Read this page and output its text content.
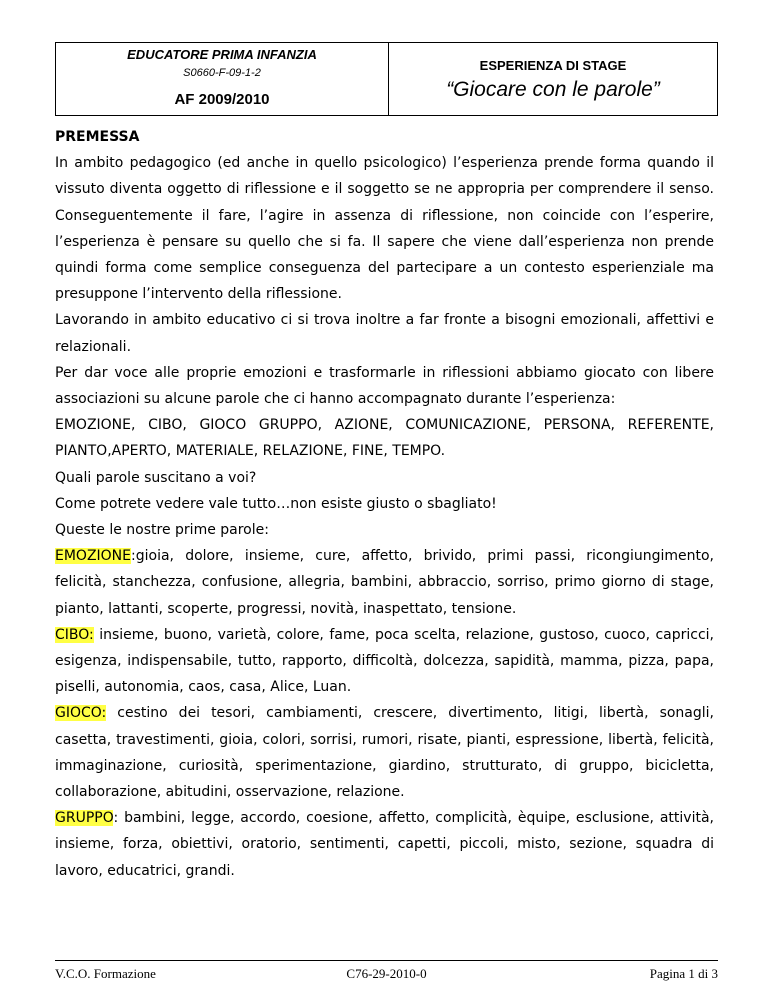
EDUCATORE PRIMA INFANZIA
S0660-F-09-1-2
AF 2009/2010
ESPERIENZA DI STAGE
“Giocare con le parole”

PREMESSA

In ambito pedagogico (ed anche in quello psicologico) l’esperienza prende forma quando il vissuto diventa oggetto di riflessione e il soggetto se ne appropria per comprendere il senso. Conseguentemente il fare, l’agire in assenza di riflessione, non coincide con l’esperire, l’esperienza è pensare su quello che si fa. Il sapere che viene dall’esperienza non prende quindi forma come semplice conseguenza del partecipare a un contesto esperienziale ma presuppone l’intervento della riflessione.

Lavorando in ambito educativo ci si trova inoltre a far fronte a bisogni emozionali, affettivi e relazionali.

Per dar voce alle proprie emozioni e trasformarle in riflessioni abbiamo giocato con libere associazioni su alcune parole che ci hanno accompagnato durante l’esperienza:

EMOZIONE, CIBO, GIOCO GRUPPO, AZIONE, COMUNICAZIONE, PERSONA, REFERENTE, PIANTO,APERTO, MATERIALE, RELAZIONE, FINE, TEMPO.

Quali parole suscitano a voi?

Come potrete vedere vale tutto…non esiste giusto o sbagliato!

Queste le nostre prime parole:

EMOZIONE:gioia, dolore, insieme, cure, affetto, brivido, primi passi, ricongiungimento, felicità, stanchezza, confusione, allegria, bambini, abbraccio, sorriso, primo giorno di stage, pianto, lattanti, scoperte, progressi, novità, inaspettato, tensione.

CIBO: insieme, buono, varietà, colore, fame, poca scelta, relazione, gustoso, cuoco, capricci, esigenza, indispensabile, tutto, rapporto, difficoltà, dolcezza, sapidità, mamma, pizza, papa, piselli, autonomia, caos, casa, Alice, Luan.

GIOCO: cestino dei tesori, cambiamenti, crescere, divertimento, litigi, libertà, sonagli, casetta, travestimenti, gioia, colori, sorrisi, rumori, risate, pianti, espressione, libertà, felicità, immaginazione, curiosità, sperimentazione, giardino, strutturato, di gruppo, bicicletta, collaborazione, abitudini, osservazione, relazione.

GRUPPO: bambini, legge, accordo, coesione, affetto, complicità, èquipe, esclusione, attività, insieme, forza, obiettivi, oratorio, sentimenti, capetti, piccoli, misto, sezione, squadra di lavoro, educatrici, grandi.

V.C.O. Formazione	C76-29-2010-0	Pagina 1 di 3
